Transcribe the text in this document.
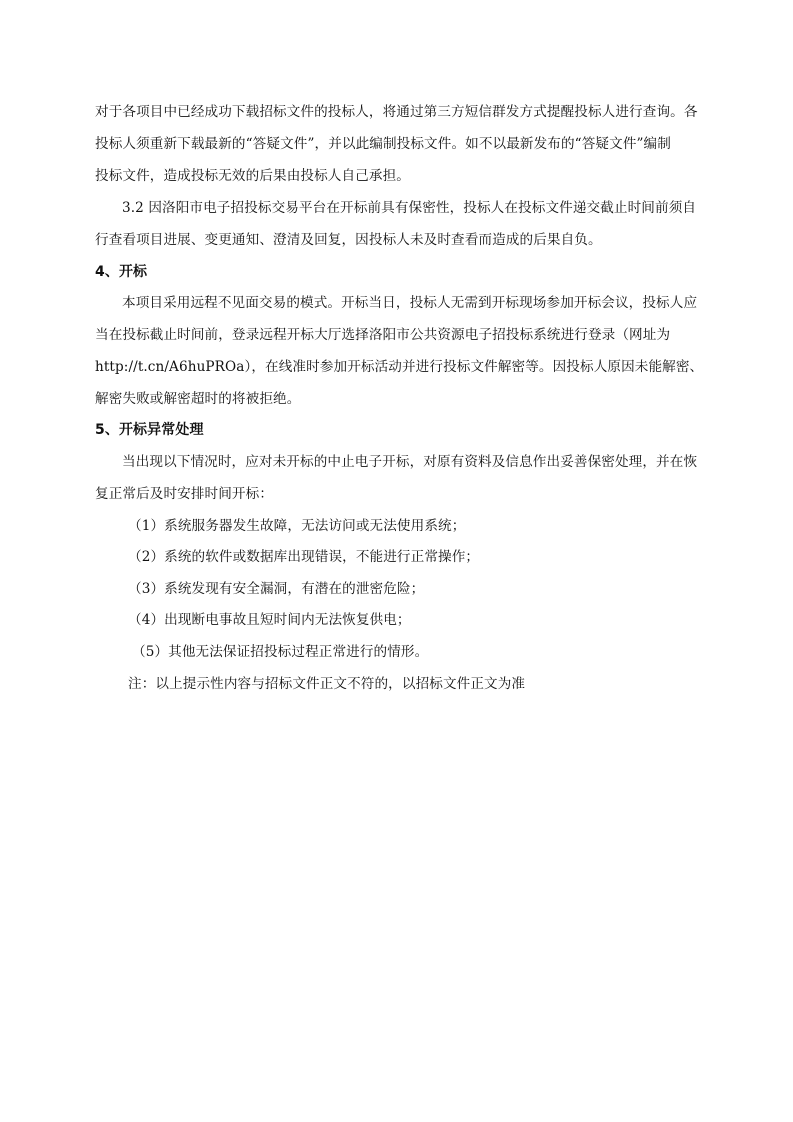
对于各项目中已经成功下载招标文件的投标人，将通过第三方短信群发方式提醒投标人进行查询。各
投标人须重新下载最新的“答疑文件”，并以此编制投标文件。如不以最新发布的“答疑文件”编制
投标文件，造成投标无效的后果由投标人自己承担。
3.2 因洛阳市电子招投标交易平台在开标前具有保密性，投标人在投标文件递交截止时间前须自
行查看项目进展、变更通知、澄清及回复，因投标人未及时查看而造成的后果自负。
4、开标
本项目采用远程不见面交易的模式。开标当日，投标人无需到开标现场参加开标会议，投标人应
当在投标截止时间前，登录远程开标大厅选择洛阳市公共资源电子招投标系统进行登录（网址为
http://t.cn/A6huPROa），在线准时参加开标活动并进行投标文件解密等。因投标人原因未能解密、
解密失败或解密超时的将被拒绝。
5、开标异常处理
当出现以下情况时，应对未开标的中止电子开标，对原有资料及信息作出妥善保密处理，并在恢
复正常后及时安排时间开标：
（1）系统服务器发生故障，无法访问或无法使用系统；
（2）系统的软件或数据库出现错误，不能进行正常操作；
（3）系统发现有安全漏洞，有潜在的泄密危险；
（4）出现断电事故且短时间内无法恢复供电；
（5）其他无法保证招投标过程正常进行的情形。
注：以上提示性内容与招标文件正文不符的，以招标文件正文为准
